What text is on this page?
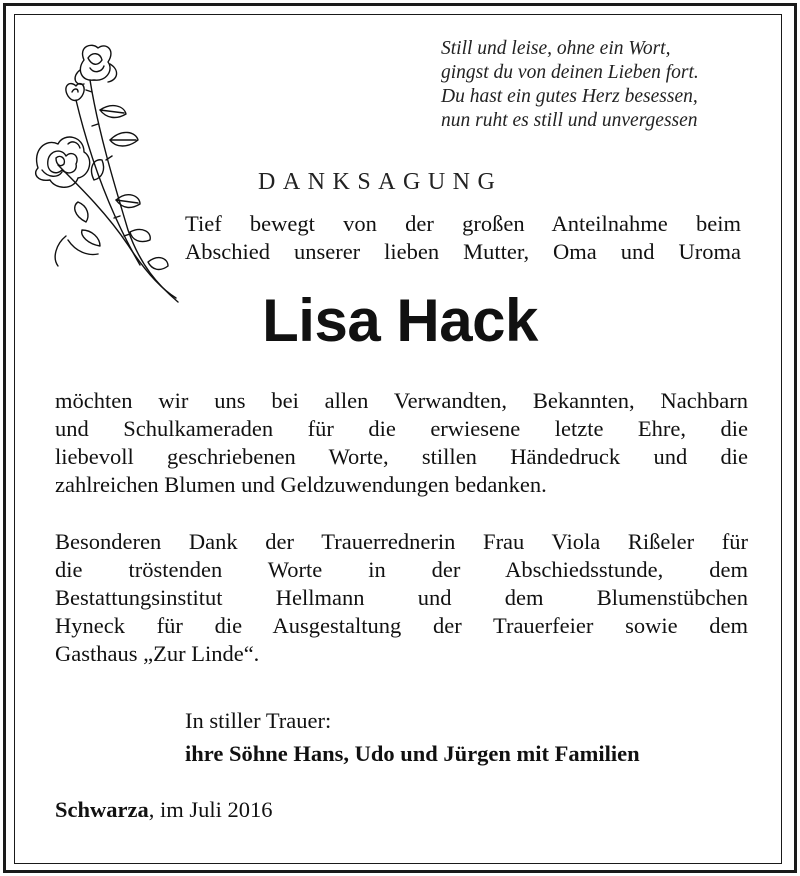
Still und leise, ohne ein Wort,
gingst du von deinen Lieben fort.
Du hast ein gutes Herz besessen,
nun ruht es still und unvergessen
DANKSAGUNG
Tief bewegt von der großen Anteilnahme beim
Abschied unserer lieben Mutter, Oma und Uroma
Lisa Hack
möchten wir uns bei allen Verwandten, Bekannten, Nachbarn
und Schulkameraden für die erwiesene letzte Ehre, die
liebevoll geschriebenen Worte, stillen Händedruck und die
zahlreichen Blumen und Geldzuwendungen bedanken.
Besonderen Dank der Trauerrednerin Frau Viola Rißeler für
die tröstenden Worte in der Abschiedsstunde, dem
Bestattungsinstitut Hellmann und dem Blumenstübchen
Hyneck für die Ausgestaltung der Trauerfeier sowie dem
Gasthaus „Zur Linde“.
In stiller Trauer:
ihre Söhne Hans, Udo und Jürgen mit Familien
Schwarza, im Juli 2016
